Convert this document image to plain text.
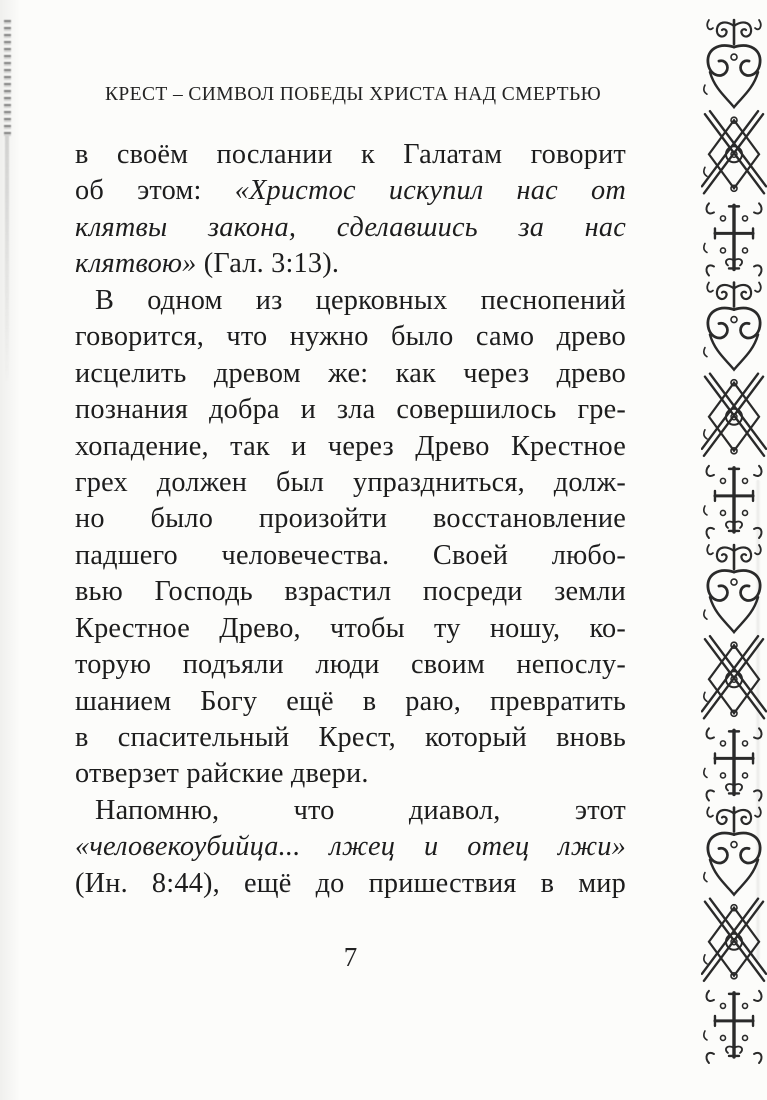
КРЕСТ – СИМВОЛ ПОБЕДЫ ХРИСТА НАД СМЕРТЬЮ
в своём послании к Галатам говорит
об этом: «Христос искупил нас от
клятвы закона, сделавшись за нас
клятвою» (Гал. 3:13).
В одном из церковных песнопений
говорится, что нужно было само древо
исцелить древом же: как через древо
познания добра и зла совершилось гре-
хопадение, так и через Древо Крестное
грех должен был упраздниться, долж-
но было произойти восстановление
падшего человечества. Своей любо-
вью Господь взрастил посреди земли
Крестное Древо, чтобы ту ношу, ко-
торую подъяли люди своим непослу-
шанием Богу ещё в раю, превратить
в спасительный Крест, который вновь
отверзет райские двери.
Напомню, что диавол, этот
«человекоубийца... лжец и отец лжи»
(Ин. 8:44), ещё до пришествия в мир
7
